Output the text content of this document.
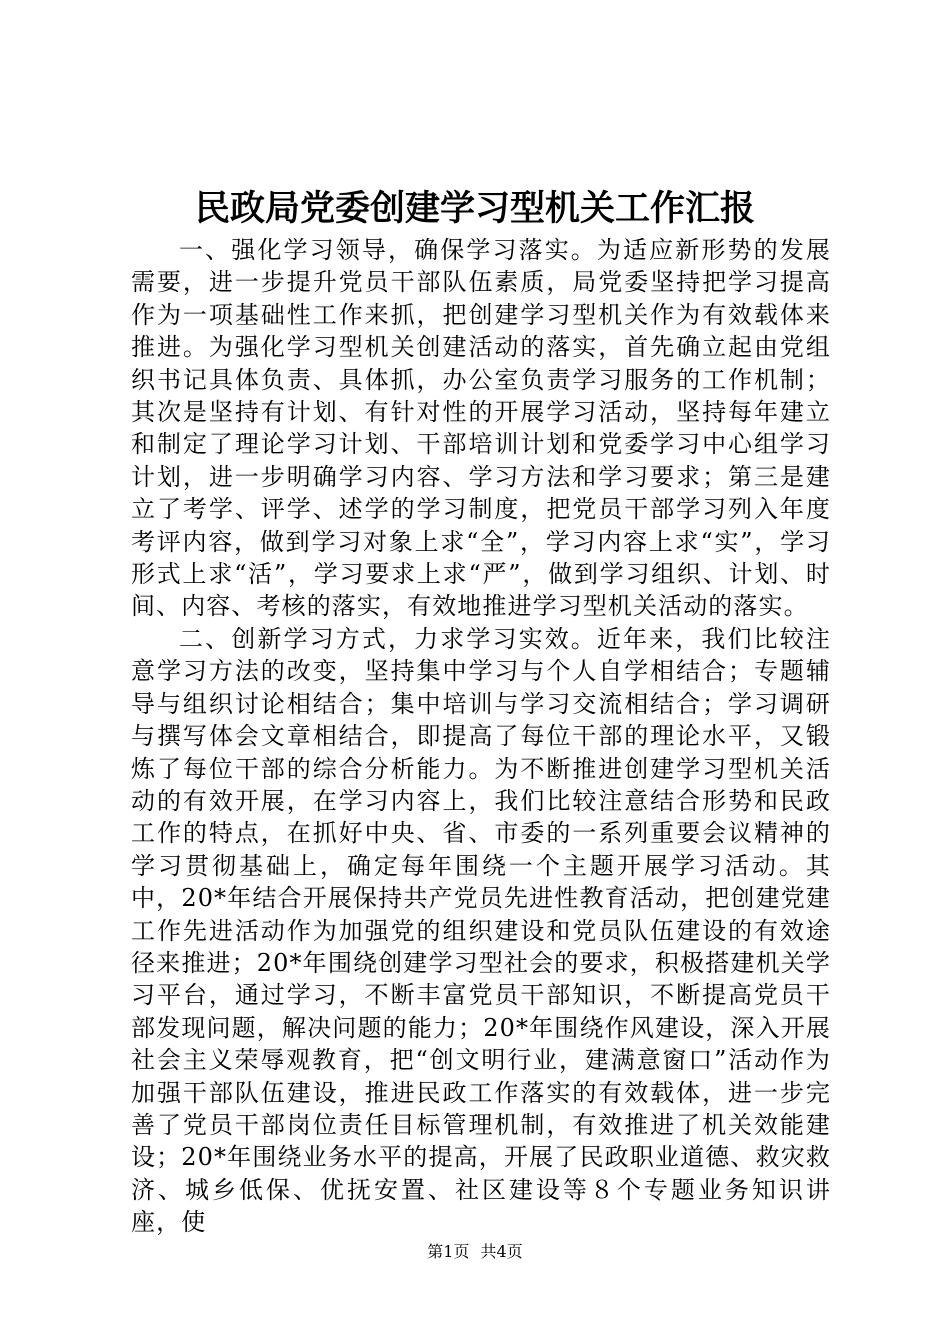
民政局党委创建学习型机关工作汇报

一、强化学习领导，确保学习落实。为适应新形势的发展需要，进一步提升党员干部队伍素质，局党委坚持把学习提高作为一项基础性工作来抓，把创建学习型机关作为有效载体来推进。为强化学习型机关创建活动的落实，首先确立起由党组织书记具体负责、具体抓，办公室负责学习服务的工作机制；其次是坚持有计划、有针对性的开展学习活动，坚持每年建立和制定了理论学习计划、干部培训计划和党委学习中心组学习计划，进一步明确学习内容、学习方法和学习要求；第三是建立了考学、评学、述学的学习制度，把党员干部学习列入年度考评内容，做到学习对象上求“全”，学习内容上求“实”，学习形式上求“活”，学习要求上求“严”，做到学习组织、计划、时间、内容、考核的落实，有效地推进学习型机关活动的落实。

二、创新学习方式，力求学习实效。近年来，我们比较注意学习方法的改变，坚持集中学习与个人自学相结合；专题辅导与组织讨论相结合；集中培训与学习交流相结合；学习调研与撰写体会文章相结合，即提高了每位干部的理论水平，又锻炼了每位干部的综合分析能力。为不断推进创建学习型机关活动的有效开展，在学习内容上，我们比较注意结合形势和民政工作的特点，在抓好中央、省、市委的一系列重要会议精神的学习贯彻基础上，确定每年围绕一个主题开展学习活动。其中，20*年结合开展保持共产党员先进性教育活动，把创建党建工作先进活动作为加强党的组织建设和党员队伍建设的有效途径来推进；20*年围绕创建学习型社会的要求，积极搭建机关学习平台，通过学习，不断丰富党员干部知识，不断提高党员干部发现问题，解决问题的能力；20*年围绕作风建设，深入开展社会主义荣辱观教育，把“创文明行业，建满意窗口”活动作为加强干部队伍建设，推进民政工作落实的有效载体，进一步完善了党员干部岗位责任目标管理机制，有效推进了机关效能建设；20*年围绕业务水平的提高，开展了民政职业道德、救灾救济、城乡低保、优抚安置、社区建设等８个专题业务知识讲座，使

第1页 共4页
